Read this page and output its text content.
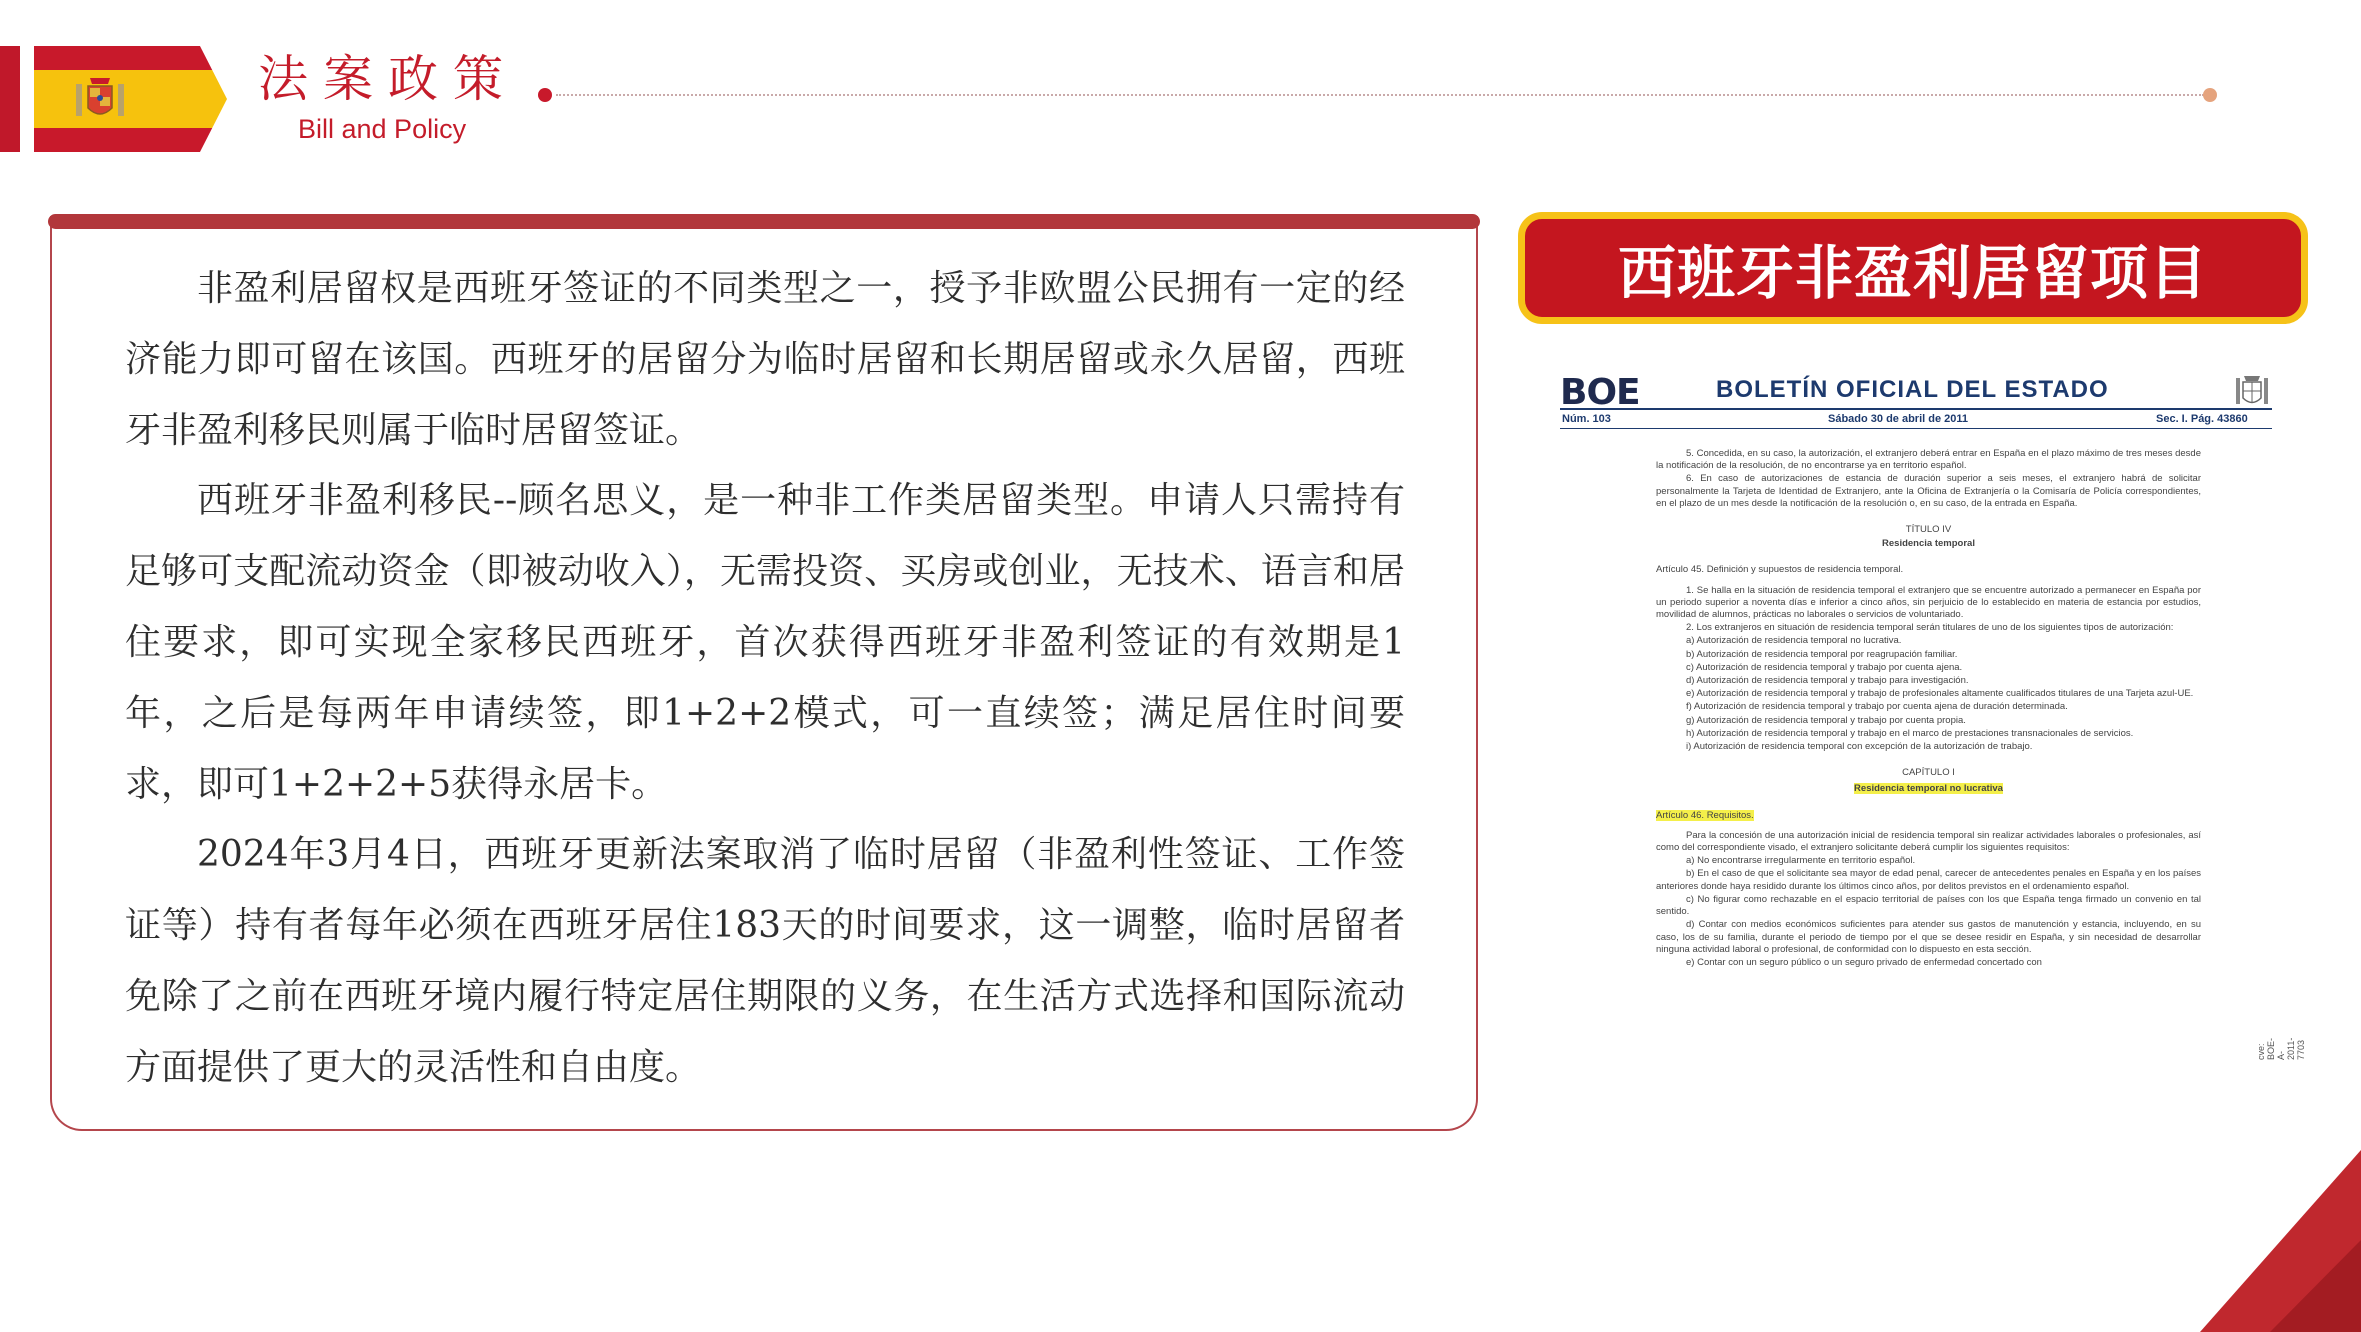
法案政策
Bill and Policy

非盈利居留权是西班牙签证的不同类型之一，授予非欧盟公民拥有一定的经济能力即可留在该国。西班牙的居留分为临时居留和长期居留或永久居留，西班牙非盈利移民则属于临时居留签证。

西班牙非盈利移民--顾名思义，是一种非工作类居留类型。申请人只需持有足够可支配流动资金（即被动收入），无需投资、买房或创业，无技术、语言和居住要求，即可实现全家移民西班牙，首次获得西班牙非盈利签证的有效期是1年，之后是每两年申请续签，即1+2+2模式，可一直续签；满足居住时间要求，即可1+2+2+5获得永居卡。

2024年3月4日，西班牙更新法案取消了临时居留（非盈利性签证、工作签证等）持有者每年必须在西班牙居住183天的时间要求，这一调整，临时居留者免除了之前在西班牙境内履行特定居住期限的义务，在生活方式选择和国际流动方面提供了更大的灵活性和自由度。

西班牙非盈利居留项目
BOE	BOLETÍN OFICIAL DEL ESTADO
Núm. 103	Sábado 30 de abril de 2011	Sec. I. Pág. 43860

5. Concedida, en su caso, la autorización, el extranjero deberá entrar en España en el plazo máximo de tres meses desde la notificación de la resolución, de no encontrarse ya en territorio español.

6. En caso de autorizaciones de estancia de duración superior a seis meses, el extranjero habrá de solicitar personalmente la Tarjeta de Identidad de Extranjero, ante la Oficina de Extranjería o la Comisaría de Policía correspondientes, en el plazo de un mes desde la notificación de la resolución o, en su caso, de la entrada en España.

TÍTULO IV

Residencia temporal

Artículo 45. Definición y supuestos de residencia temporal.

1. Se halla en la situación de residencia temporal el extranjero que se encuentre autorizado a permanecer en España por un periodo superior a noventa días e inferior a cinco años, sin perjuicio de lo establecido en materia de estancia por estudios, movilidad de alumnos, prácticas no laborales o servicios de voluntariado.

2. Los extranjeros en situación de residencia temporal serán titulares de uno de los siguientes tipos de autorización:

a) Autorización de residencia temporal no lucrativa.

b) Autorización de residencia temporal por reagrupación familiar.

c) Autorización de residencia temporal y trabajo por cuenta ajena.

d) Autorización de residencia temporal y trabajo para investigación.

e) Autorización de residencia temporal y trabajo de profesionales altamente cualificados titulares de una Tarjeta azul-UE.

f) Autorización de residencia temporal y trabajo por cuenta ajena de duración determinada.

g) Autorización de residencia temporal y trabajo por cuenta propia.

h) Autorización de residencia temporal y trabajo en el marco de prestaciones transnacionales de servicios.

i) Autorización de residencia temporal con excepción de la autorización de trabajo.

CAPÍTULO I

Residencia temporal no lucrativa

Artículo 46. Requisitos.

Para la concesión de una autorización inicial de residencia temporal sin realizar actividades laborales o profesionales, así como del correspondiente visado, el extranjero solicitante deberá cumplir los siguientes requisitos:

a) No encontrarse irregularmente en territorio español.

b) En el caso de que el solicitante sea mayor de edad penal, carecer de antecedentes penales en España y en los países anteriores donde haya residido durante los últimos cinco años, por delitos previstos en el ordenamiento español.

c) No figurar como rechazable en el espacio territorial de países con los que España tenga firmado un convenio en tal sentido.

d) Contar con medios económicos suficientes para atender sus gastos de manutención y estancia, incluyendo, en su caso, los de su familia, durante el periodo de tiempo por el que se desee residir en España, y sin necesidad de desarrollar ninguna actividad laboral o profesional, de conformidad con lo dispuesto en esta sección.

e) Contar con un seguro público o un seguro privado de enfermedad concertado con

cve: BOE-A-2011-7703
